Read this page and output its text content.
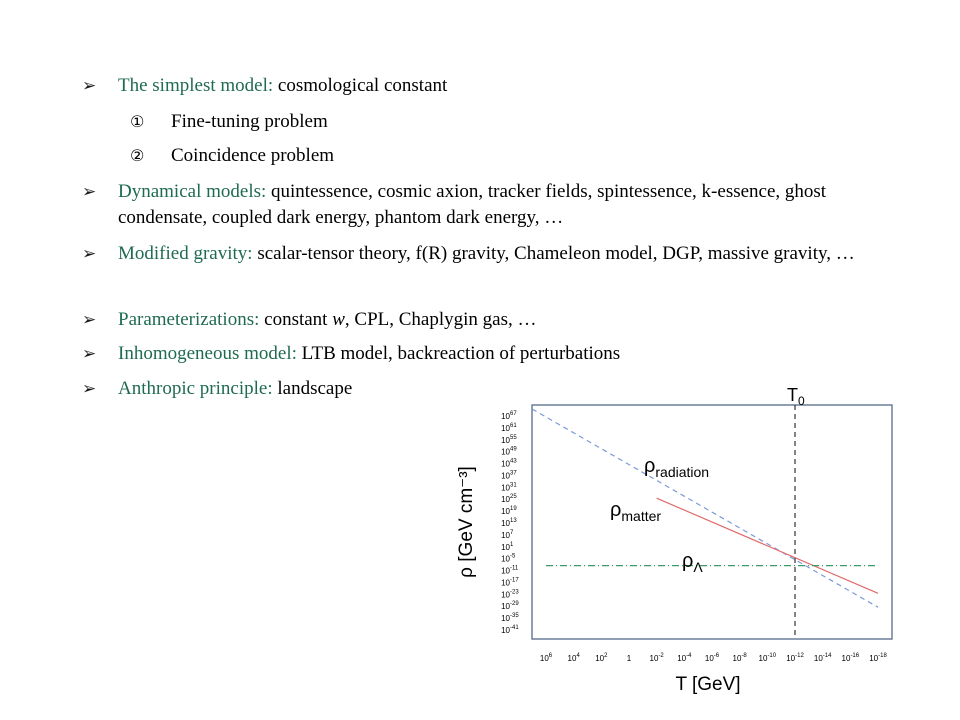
➢ The simplest model: cosmological constant
① Fine-tuning problem
② Coincidence problem
➢ Dynamical models: quintessence, cosmic axion, tracker fields, spintessence, k-essence, ghost condensate, coupled dark energy, phantom dark energy, …
➢ Modified gravity: scalar-tensor theory, f(R) gravity, Chameleon model, DGP, massive gravity, …
➢ Parameterizations: constant w, CPL, Chaplygin gas, …
➢ Inhomogeneous model: LTB model, backreaction of perturbations
➢ Anthropic principle: landscape
1067
1061
1055
1049
1043
1037
1031
1025
1019
1013
107
101
10-5
10-11
10-17
10-23
10-29
10-35
10-41
$10^6$ $10^4$ $10^2$ 1 $10^{-2}$ $10^{-4}$ $10^{-6}$ $10^{-8}$ $10^{-10}$ $10^{-12}$ $10^{-14}$ $10^{-16}$ $10^{-18}$
$T_0$
$\rho_{radiation}$
$\rho_{matter}$
$\rho_\Lambda$
ρ [GeV cm⁻³]
T [GeV]
